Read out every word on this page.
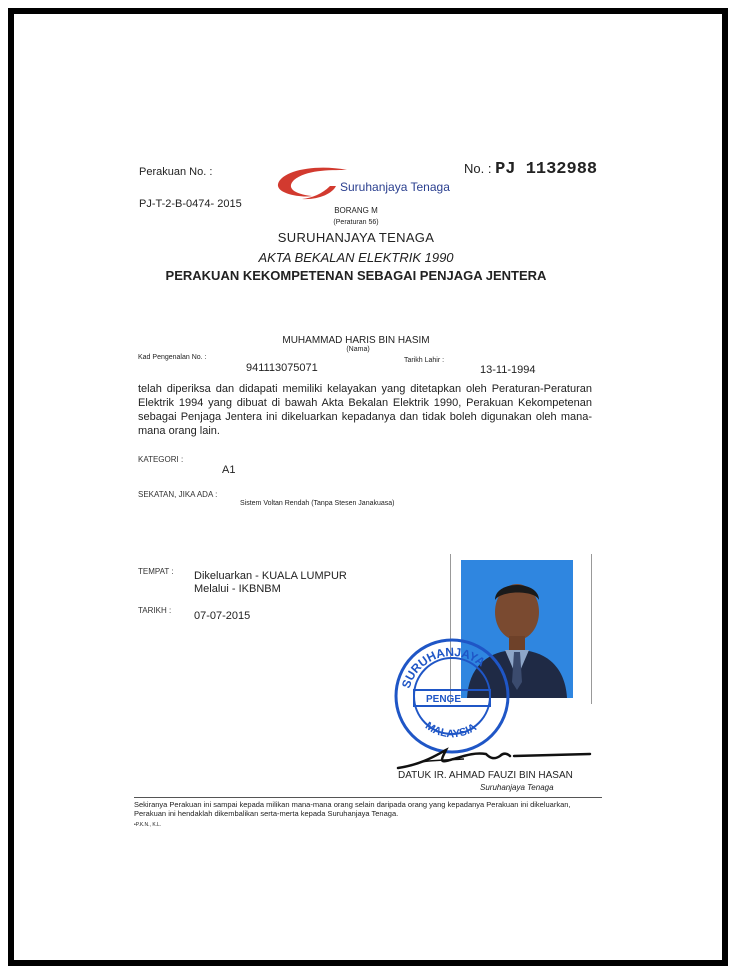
Perakuan No. :
PJ-T-2-B-0474- 2015
Suruhanjaya Tenaga
No. : PJ 1132988
BORANG M
(Peraturan 56)
SURUHANJAYA TENAGA
AKTA BEKALAN ELEKTRIK 1990
PERAKUAN KEKOMPETENAN SEBAGAI PENJAGA JENTERA
MUHAMMAD HARIS BIN HASIM
(Nama)
Kad Pengenalan No. :
941113075071
Tarikh Lahir :
13-11-1994
telah diperiksa dan didapati memiliki kelayakan yang ditetapkan oleh Peraturan-Peraturan Elektrik 1994 yang dibuat di bawah Akta Bekalan Elektrik 1990, Perakuan Kekompetenan sebagai Penjaga Jentera ini dikeluarkan kepadanya dan tidak boleh digunakan oleh mana-mana orang lain.
KATEGORI :
A1
SEKATAN, JIKA ADA :
Sistem Voltan Rendah (Tanpa Stesen Janakuasa)
TEMPAT : Dikeluarkan - KUALA LUMPUR
Melalui - IKBNBM
TARIKH : 07-07-2015
SURUHANJAYA
PENGE
MALAYSIA
DATUK IR. AHMAD FAUZI BIN HASAN
Suruhanjaya Tenaga
Sekiranya Perakuan ini sampai kepada milikan mana-mana orang selain daripada orang yang kepadanya Perakuan ini dikeluarkan, Perakuan ini hendaklah dikembalikan serta-merta kepada Suruhanjaya Tenaga.
•P.K.N., K.L.
